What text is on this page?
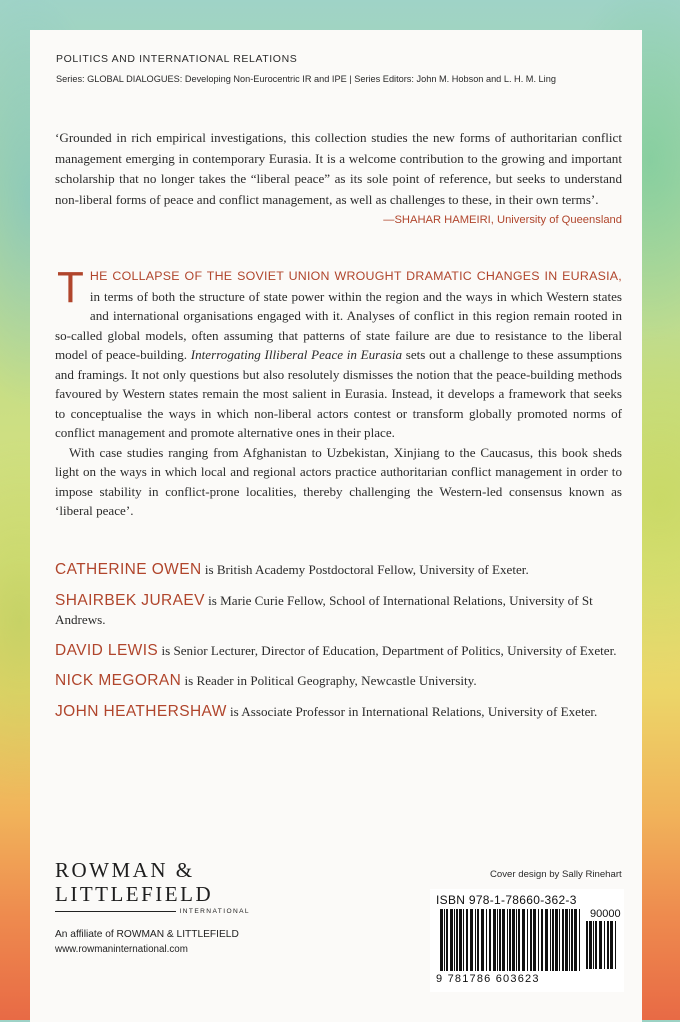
POLITICS AND INTERNATIONAL RELATIONS
Series: GLOBAL DIALOGUES: Developing Non-Eurocentric IR and IPE | Series Editors: John M. Hobson and L. H. M. Ling
‘Grounded in rich empirical investigations, this collection studies the new forms of authoritarian conflict management emerging in contemporary Eurasia. It is a welcome contribution to the growing and important scholarship that no longer takes the “liberal peace” as its sole point of reference, but seeks to understand non-liberal forms of peace and conflict management, as well as challenges to these, in their own terms’.
—SHAHAR HAMEIRI, University of Queensland

THE COLLAPSE OF THE SOVIET UNION WROUGHT DRAMATIC CHANGES IN EURASIA, in terms of both the structure of state power within the region and the ways in which Western states and international organisations engaged with it. Analyses of conflict in this region remain rooted in so-called global models, often assuming that patterns of state failure are due to resistance to the liberal model of peace-building. Interrogating Illiberal Peace in Eurasia sets out a challenge to these assumptions and framings. It not only questions but also resolutely dismisses the notion that the peace-building methods favoured by Western states remain the most salient in Eurasia. Instead, it develops a framework that seeks to conceptualise the ways in which non-liberal actors contest or transform globally promoted norms of conflict management and promote alternative ones in their place.

With case studies ranging from Afghanistan to Uzbekistan, Xinjiang to the Caucasus, this book sheds light on the ways in which local and regional actors practice authoritarian conflict management in order to impose stability in conflict-prone localities, thereby challenging the Western-led consensus known as ‘liberal peace’.

CATHERINE OWEN is British Academy Postdoctoral Fellow, University of Exeter.
SHAIRBEK JURAEV is Marie Curie Fellow, School of International Relations, University of St Andrews.
DAVID LEWIS is Senior Lecturer, Director of Education, Department of Politics, University of Exeter.
NICK MEGORAN is Reader in Political Geography, Newcastle University.
JOHN HEATHERSHAW is Associate Professor in International Relations, University of Exeter.
ROWMAN &
LITTLEFIELD
INTERNATIONAL
An affiliate of ROWMAN & LITTLEFIELD
www.rowmaninternational.com
Cover design by Sally Rinehart
ISBN 978-1-78660-362-3
90000
9 781786 603623
